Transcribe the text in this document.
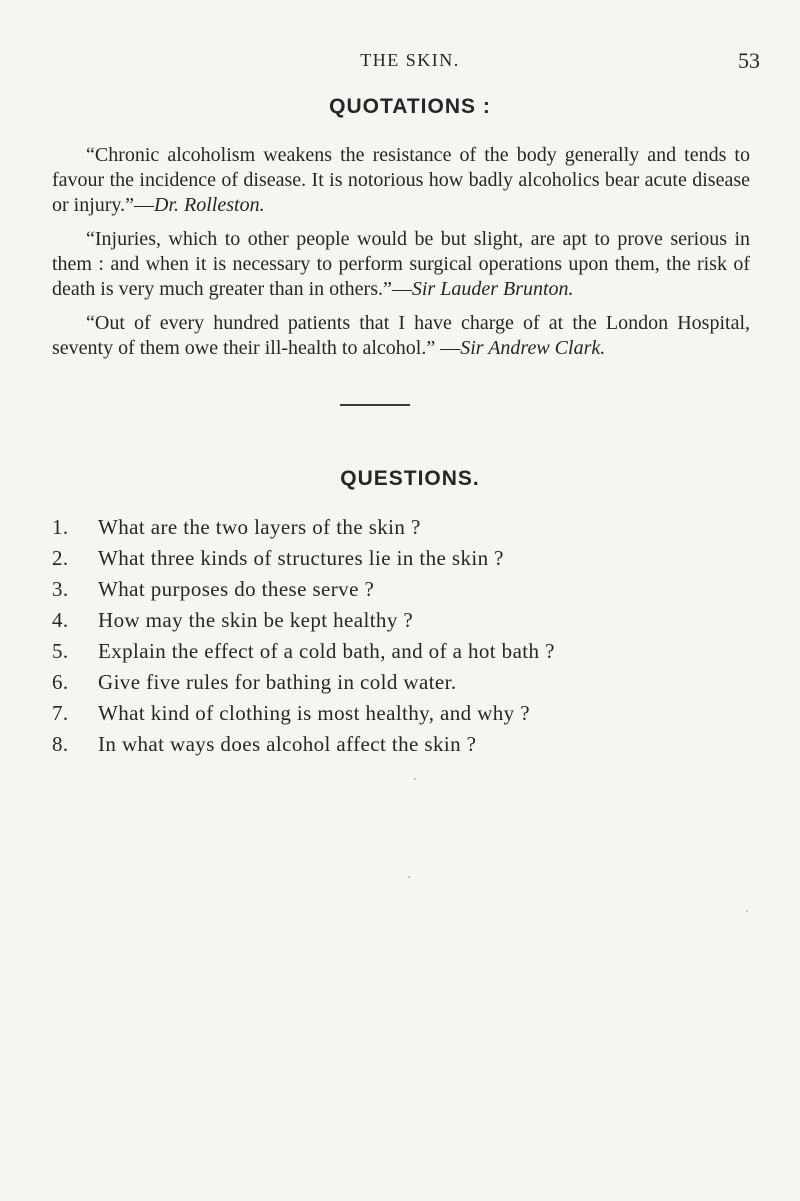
THE SKIN.	53
QUOTATIONS :

“Chronic alcoholism weakens the resistance of the body generally and tends to favour the incidence of disease. It is notorious how badly alcoholics bear acute disease or injury.”—Dr. Rolleston.

“Injuries, which to other people would be but slight, are apt to prove serious in them : and when it is necessary to perform surgical operations upon them, the risk of death is very much greater than in others.”—Sir Lauder Brunton.

“Out of every hundred patients that I have charge of at the London Hospital, seventy of them owe their ill-health to alcohol.” —Sir Andrew Clark.

QUESTIONS.
1. What are the two layers of the skin ?
2. What three kinds of structures lie in the skin ?
3. What purposes do these serve ?
4. How may the skin be kept healthy ?
5. Explain the effect of a cold bath, and of a hot bath ?
6. Give five rules for bathing in cold water.
7. What kind of clothing is most healthy, and why ?
8. In what ways does alcohol affect the skin ?
